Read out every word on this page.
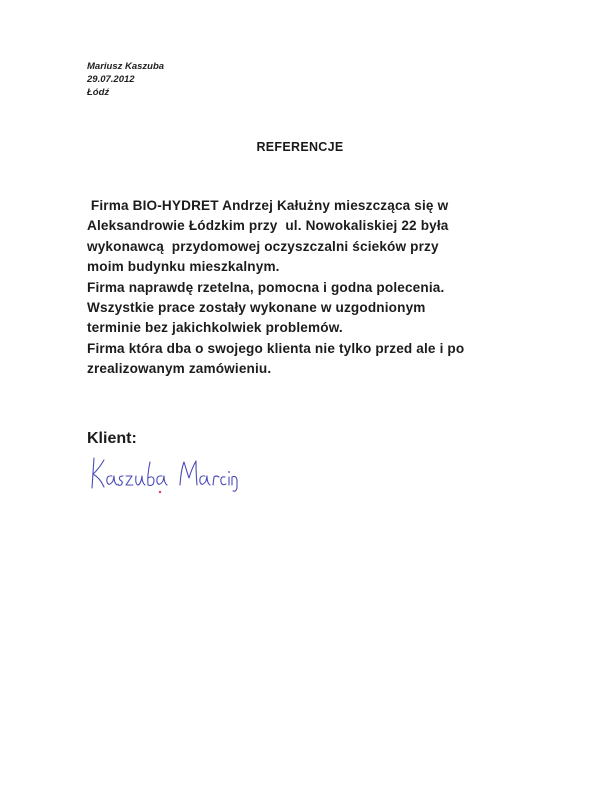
Mariusz Kaszuba
29.07.2012
Łódź
REFERENCJE
Firma BIO-HYDRET Andrzej Kałużny mieszcząca się w
Aleksandrowie Łódzkim przy  ul. Nowokaliskiej 22 była
wykonawcą  przydomowej oczyszczalni ścieków przy
moim budynku mieszkalnym.
Firma naprawdę rzetelna, pomocna i godna polecenia.
Wszystkie prace zostały wykonane w uzgodnionym
terminie bez jakichkolwiek problemów.
Firma która dba o swojego klienta nie tylko przed ale i po
zrealizowanym zamówieniu.
Klient:
